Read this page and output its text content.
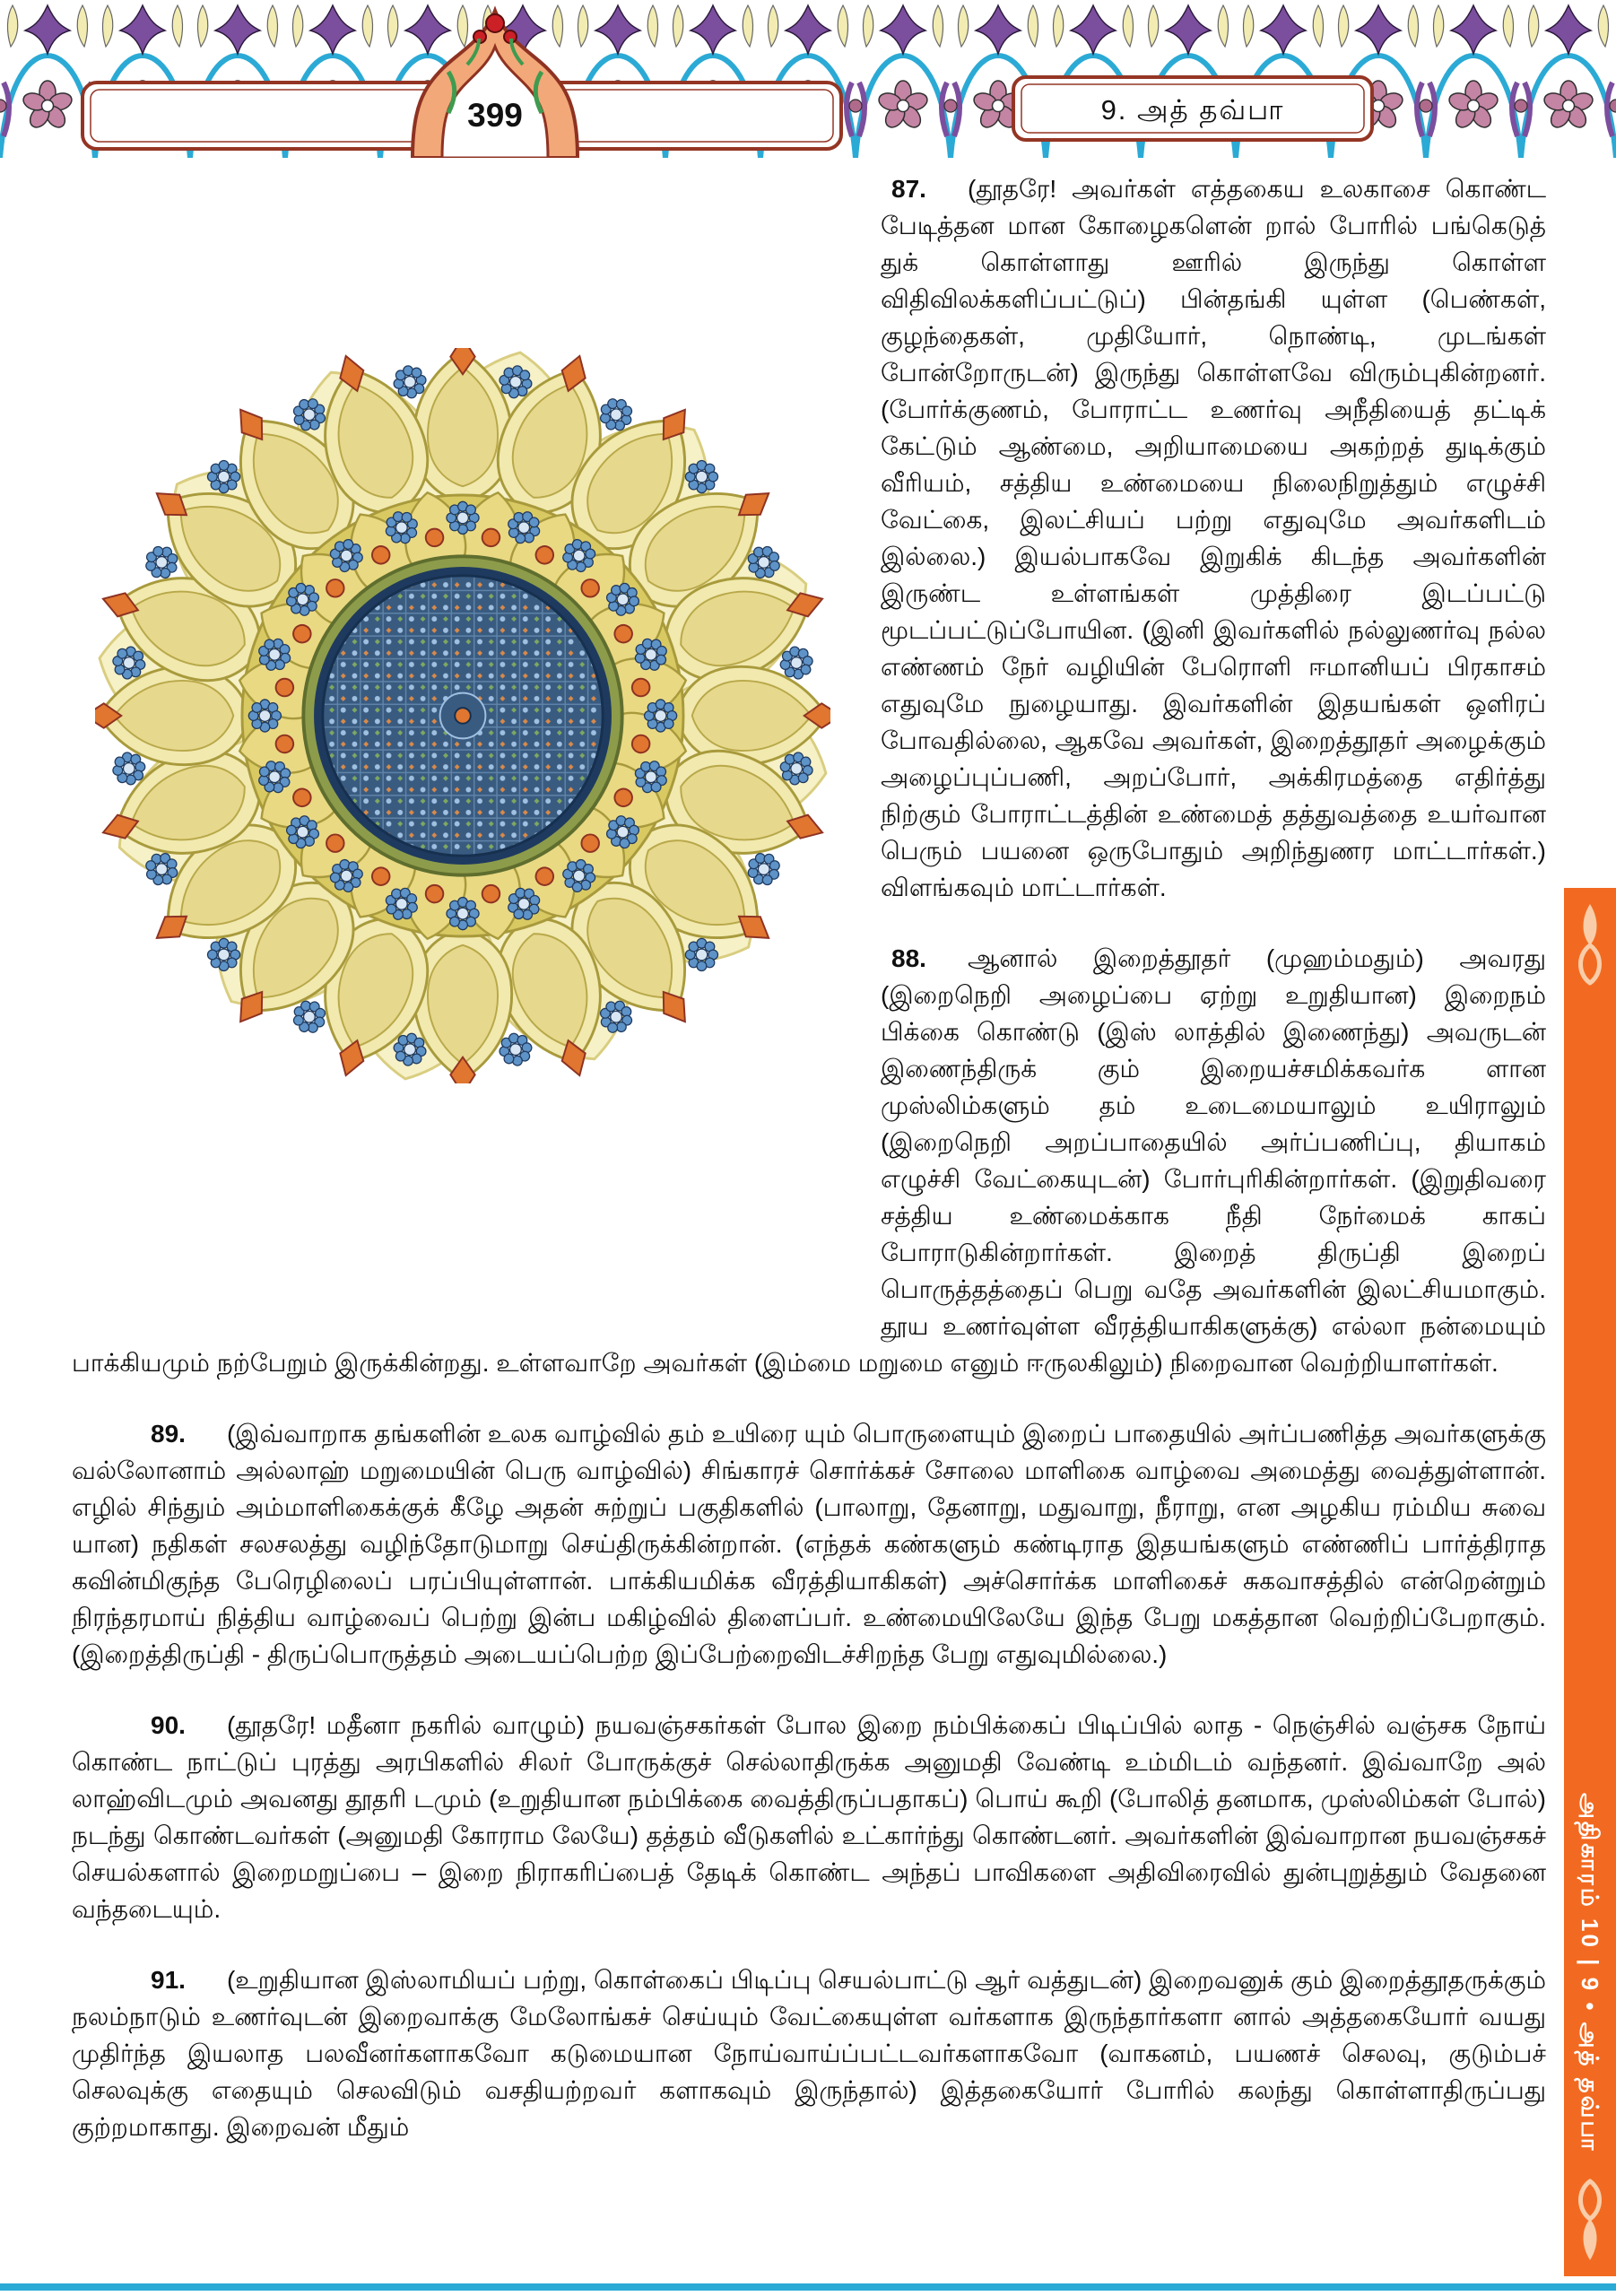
399	9. அத் தவ்பா

87. (தூதரே! அவர்கள் எத்தகைய உலகாசை கொண்ட பேடித்தன மான கோழைகளென் றால் போரில் பங்கெடுத் துக் கொள்ளாது ஊரில் இருந்து கொள்ள விதிவிலக்களிப்பட்டுப்) பின்தங்கி யுள்ள (பெண்கள், குழந்தைகள், முதியோர், நொண்டி, முடங்கள் போன்றோருடன்) இருந்து கொள்ளவே விரும்புகின்றனர். (போர்க்குணம், போராட்ட உணர்வு அநீதியைத் தட்டிக் கேட்டும் ஆண்மை, அறியாமையை அகற்றத் துடிக்கும் வீரியம், சத்திய உண்மையை நிலைநிறுத்தும் எழுச்சி வேட்கை, இலட்சியப் பற்று எதுவுமே அவர்களிடம் இல்லை.) இயல்பாகவே இறுகிக் கிடந்த அவர்களின் இருண்ட உள்ளங்கள் முத்திரை இடப்பட்டு மூடப்பட்டுப்போயின. (இனி இவர்களில் நல்லுணர்வு நல்ல எண்ணம் நேர் வழியின் பேரொளி ஈமானியப் பிரகாசம் எதுவுமே நுழையாது. இவர்களின் இதயங்கள் ஒளிரப் போவதில்லை, ஆகவே அவர்கள், இறைத்தூதர் அழைக்கும் அழைப்புப்பணி, அறப்போர், அக்கிரமத்தை எதிர்த்து நிற்கும் போராட்டத்தின் உண்மைத் தத்துவத்தை உயர்வான பெரும் பயனை ஒருபோதும் அறிந்துணர மாட்டார்கள்.) விளங்கவும் மாட்டார்கள்.

88. ஆனால் இறைத்தூதர் (முஹம்மதும்) அவரது (இறைநெறி அழைப்பை ஏற்று உறுதியான) இறைநம் பிக்கை கொண்டு (இஸ் லாத்தில் இணைந்து) அவருடன் இணைந்திருக் கும் இறையச்சமிக்கவர்க ளான முஸ்லிம்களும் தம் உடைமையாலும் உயிராலும் (இறைநெறி அறப்பாதையில் அர்ப்பணிப்பு, தியாகம் எழுச்சி வேட்கையுடன்) போர்புரிகின்றார்கள். (இறுதிவரை சத்திய உண்மைக்காக நீதி நேர்மைக் காகப் போராடுகின்றார்கள். இறைத் திருப்தி இறைப் பொருத்தத்தைப் பெறு வதே அவர்களின் இலட்சியமாகும். தூய உணர்வுள்ள வீரத்தியாகிகளுக்கு) எல்லா நன்மையும் பாக்கியமும் நற்பேறும் இருக்கின்றது. உள்ளவாறே அவர்கள் (இம்மை மறுமை எனும் ஈருலகிலும்) நிறைவான வெற்றியாளர்கள்.

89. (இவ்வாறாக தங்களின் உலக வாழ்வில் தம் உயிரை யும் பொருளையும் இறைப் பாதையில் அர்ப்பணித்த அவர்களுக்கு வல்லோனாம் அல்லாஹ் மறுமையின் பெரு வாழ்வில்) சிங்காரச் சொர்க்கச் சோலை மாளிகை வாழ்வை அமைத்து வைத்துள்ளான். எழில் சிந்தும் அம்மாளிகைக்குக் கீழே அதன் சுற்றுப் பகுதிகளில் (பாலாறு, தேனாறு, மதுவாறு, நீராறு, என அழகிய ரம்மிய சுவை யான) நதிகள் சலசலத்து வழிந்தோடுமாறு செய்திருக்கின்றான். (எந்தக் கண்களும் கண்டிராத இதயங்களும் எண்ணிப் பார்த்திராத கவின்மிகுந்த பேரெழிலைப் பரப்பியுள்ளான். பாக்கியமிக்க வீரத்தியாகிகள்) அச்சொர்க்க மாளிகைச் சுகவாசத்தில் என்றென்றும் நிரந்தரமாய் நித்திய வாழ்வைப் பெற்று இன்ப மகிழ்வில் திளைப்பர். உண்மையிலேயே இந்த பேறு மகத்தான வெற்றிப்பேறாகும். (இறைத்திருப்தி - திருப்பொருத்தம் அடையப்பெற்ற இப்பேற்றைவிடச்சிறந்த பேறு எதுவுமில்லை.)

90. (தூதரே! மதீனா நகரில் வாழும்) நயவஞ்சகர்கள் போல இறை நம்பிக்கைப் பிடிப்பில் லாத - நெஞ்சில் வஞ்சக நோய் கொண்ட நாட்டுப் புரத்து அரபிகளில் சிலர் போருக்குச் செல்லாதிருக்க அனுமதி வேண்டி உம்மிடம் வந்தனர். இவ்வாறே அல் லாஹ்விடமும் அவனது தூதரி டமும் (உறுதியான நம்பிக்கை வைத்திருப்பதாகப்) பொய் கூறி (போலித் தனமாக, முஸ்லிம்கள் போல்) நடந்து கொண்டவர்கள் (அனுமதி கோராம லேயே) தத்தம் வீடுகளில் உட்கார்ந்து கொண்டனர். அவர்களின் இவ்வாறான நயவஞ்சகச் செயல்களால் இறைமறுப்பை – இறை நிராகரிப்பைத் தேடிக் கொண்ட அந்தப் பாவிகளை அதிவிரைவில் துன்புறுத்தும் வேதனை வந்தடையும்.

91. (உறுதியான இஸ்லாமியப் பற்று, கொள்கைப் பிடிப்பு செயல்பாட்டு ஆர் வத்துடன்) இறைவனுக் கும் இறைத்தூதருக்கும் நலம்நாடும் உணர்வுடன் இறைவாக்கு மேலோங்கச் செய்யும் வேட்கையுள்ள வர்களாக இருந்தார்களா னால் அத்தகையோர் வயது முதிர்ந்த இயலாத பலவீனர்களாகவோ கடுமையான நோய்வாய்ப்பட்டவர்களாகவோ (வாகனம், பயணச் செலவு, குடும்பச் செலவுக்கு எதையும் செலவிடும் வசதியற்றவர் களாகவும் இருந்தால்) இத்தகையோர் போரில் கலந்து கொள்ளாதிருப்பது குற்றமாகாது. இறைவன் மீதும்	அதிகாரம் 10 | 9 • அத் தவ்பா
